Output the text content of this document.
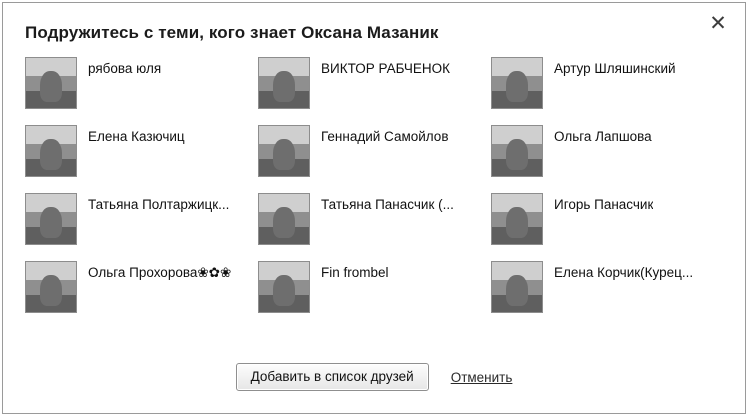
Подружитесь с теми, кого знает Оксана Мазаник	✕
рябова юля	ВИКТОР РАБЧЕНОК	Артур Шляшинский
Елена Казючиц	Геннадий Самойлов	Ольга Лапшова
Татьяна Полтаржицк...	Татьяна Панасчик (...	Игорь Панасчик
Ольга Прохорова❀✿❀	Fin frombel	Елена Корчик(Курец...
Добавить в список друзей	Отменить
